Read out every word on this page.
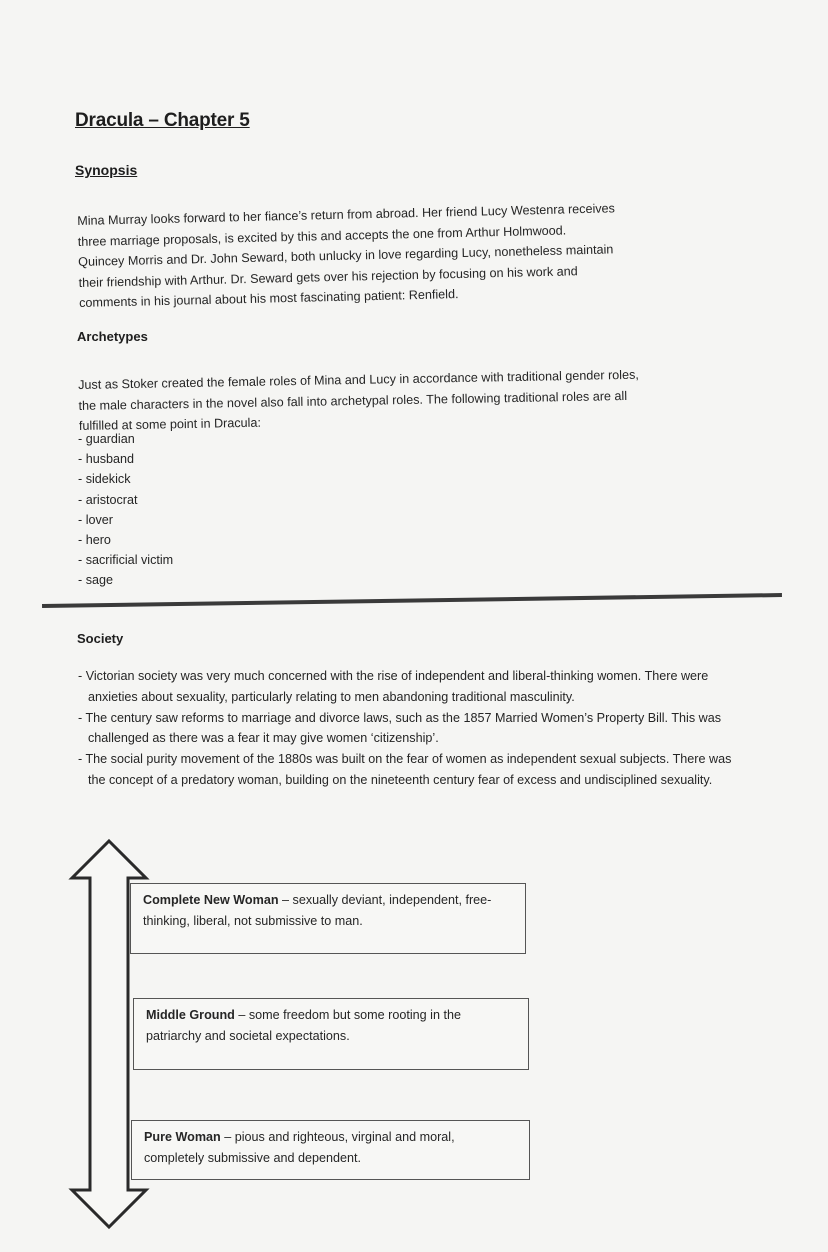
Dracula – Chapter 5
Synopsis
Mina Murray looks forward to her fiance’s return from abroad. Her friend Lucy Westenra receives
three marriage proposals, is excited by this and accepts the one from Arthur Holmwood.
Quincey Morris and Dr. John Seward, both unlucky in love regarding Lucy, nonetheless maintain
their friendship with Arthur. Dr. Seward gets over his rejection by focusing on his work and
comments in his journal about his most fascinating patient: Renfield.
Archetypes
Just as Stoker created the female roles of Mina and Lucy in accordance with traditional gender roles,
the male characters in the novel also fall into archetypal roles. The following traditional roles are all
fulfilled at some point in Dracula:
- guardian
- husband
- sidekick
- aristocrat
- lover
- hero
- sacrificial victim
- sage
Society
- Victorian society was very much concerned with the rise of independent and liberal-thinking women. There were anxieties about sexuality, particularly relating to men abandoning traditional masculinity.
- The century saw reforms to marriage and divorce laws, such as the 1857 Married Women’s Property Bill. This was challenged as there was a fear it may give women ‘citizenship’.
- The social purity movement of the 1880s was built on the fear of women as independent sexual subjects. There was the concept of a predatory woman, building on the nineteenth century fear of excess and undisciplined sexuality.
Complete New Woman – sexually deviant, independent, free-thinking, liberal, not submissive to man.
Middle Ground – some freedom but some rooting in the patriarchy and societal expectations.
Pure Woman – pious and righteous, virginal and moral, completely submissive and dependent.
